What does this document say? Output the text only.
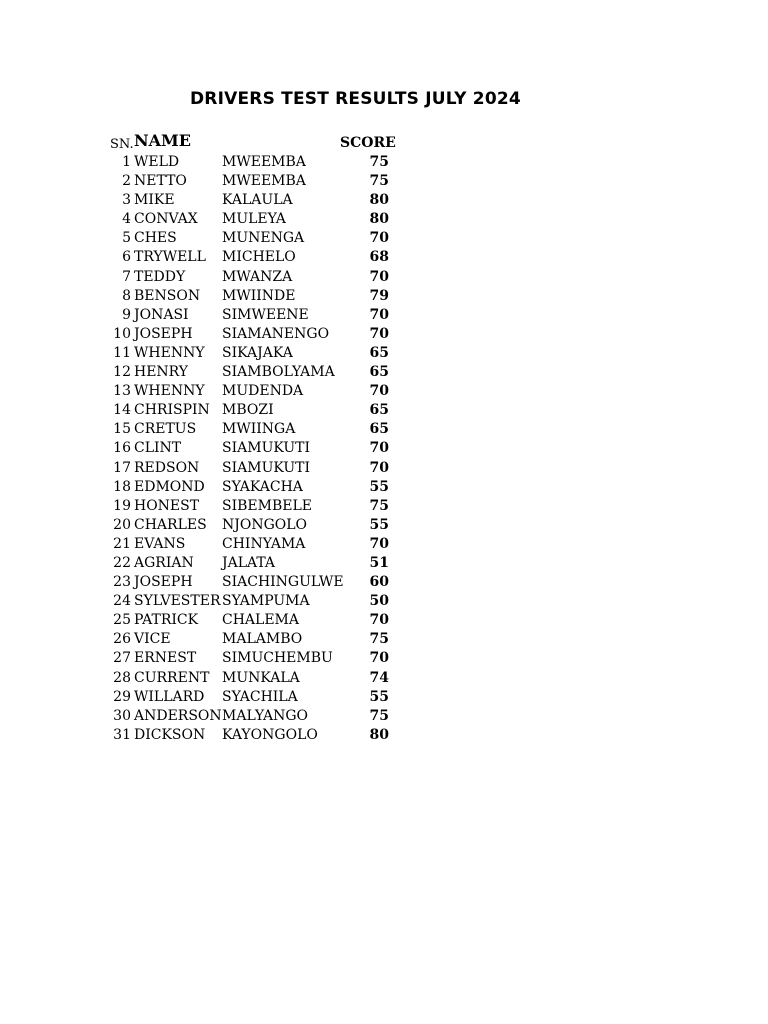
DRIVERS TEST RESULTS JULY 2024
SN. NAME	SCORE
1 WELD	MWEEMBA	75
2 NETTO	MWEEMBA	75
3 MIKE	KALAULA	80
4 CONVAX MULEYA	80
5 CHES	MUNENGA	70
6 TRYWELL MICHELO	68
7 TEDDY	MWANZA	70
8 BENSON MWIINDE	79
9 JONASI SIMWEENE	70
10 JOSEPH SIAMANENGO	70
11 WHENNY SIKAJAKA	65
12 HENRY SIAMBOLYAMA	65
13 WHENNY MUDENDA	70
14 CHRISPIN MBOZI	65
15 CRETUS MWIINGA	65
16 CLINT	SIAMUKUTI	70
17 REDSON SIAMUKUTI	70
18 EDMOND SYAKACHA	55
19 HONEST SIBEMBELE	75
20 CHARLES NJONGOLO	55
21 EVANS	CHINYAMA	70
22 AGRIAN JALATA	51
23 JOSEPH SIACHINGULWE	60
24 SYLVESTER SYAMPUMA	50
25 PATRICK CHALEMA	70
26 VICE	MALAMBO	75
27 ERNEST SIMUCHEMBU	70
28 CURRENT MUNKALA	74
29 WILLARD SYACHILA	55
30 ANDERSON MALYANGO	75
31 DICKSON KAYONGOLO	80
